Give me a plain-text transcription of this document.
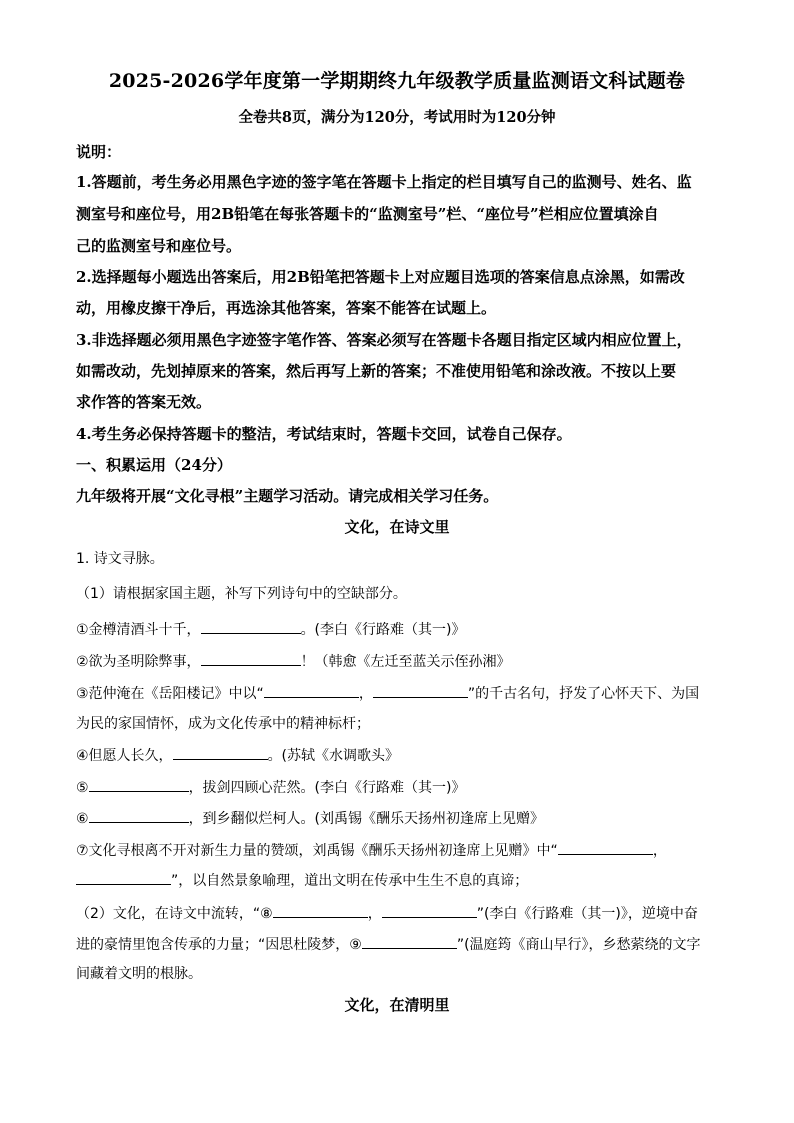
2025-2026学年度第一学期期终九年级教学质量监测语文科试题卷
全卷共8页，满分为120分，考试用时为120分钟
说明：
1.答题前，考生务必用黑色字迹的签字笔在答题卡上指定的栏目填写自己的监测号、姓名、监
测室号和座位号，用2B铅笔在每张答题卡的“监测室号”栏、“座位号”栏相应位置填涂自
己的监测室号和座位号。
2.选择题每小题选出答案后，用2B铅笔把答题卡上对应题目选项的答案信息点涂黑，如需改
动，用橡皮擦干净后，再选涂其他答案，答案不能答在试题上。
3.非选择题必须用黑色字迹签字笔作答、答案必须写在答题卡各题目指定区域内相应位置上，
如需改动，先划掉原来的答案，然后再写上新的答案；不准使用铅笔和涂改液。不按以上要
求作答的答案无效。
4.考生务必保持答题卡的整洁，考试结束时，答题卡交回，试卷自己保存。
一、积累运用（24分）
九年级将开展“文化寻根”主题学习活动。请完成相关学习任务。
文化，在诗文里
1. 诗文寻脉。
（1）请根据家国主题，补写下列诗句中的空缺部分。
①金樽清酒斗十千，	。(李白《行路难（其一)》
②欲为圣明除弊事，	！（韩愈《左迁至蓝关示侄孙湘》
③范仲淹在《岳阳楼记》中以“	，	”的千古名句，抒发了心怀天下、为国
为民的家国情怀，成为文化传承中的精神标杆；
④但愿人长久，	。(苏轼《水调歌头》
⑤	，拔剑四顾心茫然。(李白《行路难（其一)》
⑥	，到乡翻似烂柯人。(刘禹锡《酬乐天扬州初逢席上见赠》
⑦文化寻根离不开对新生力量的赞颂，刘禹锡《酬乐天扬州初逢席上见赠》中“	，
”，以自然景象喻理，道出文明在传承中生生不息的真谛；
（2）文化，在诗文中流转，“⑧	，	”(李白《行路难（其一)》，逆境中奋
进的豪情里饱含传承的力量；“因思杜陵梦，⑨	”(温庭筠《商山早行》，乡愁萦绕的文字
间藏着文明的根脉。
文化，在清明里
